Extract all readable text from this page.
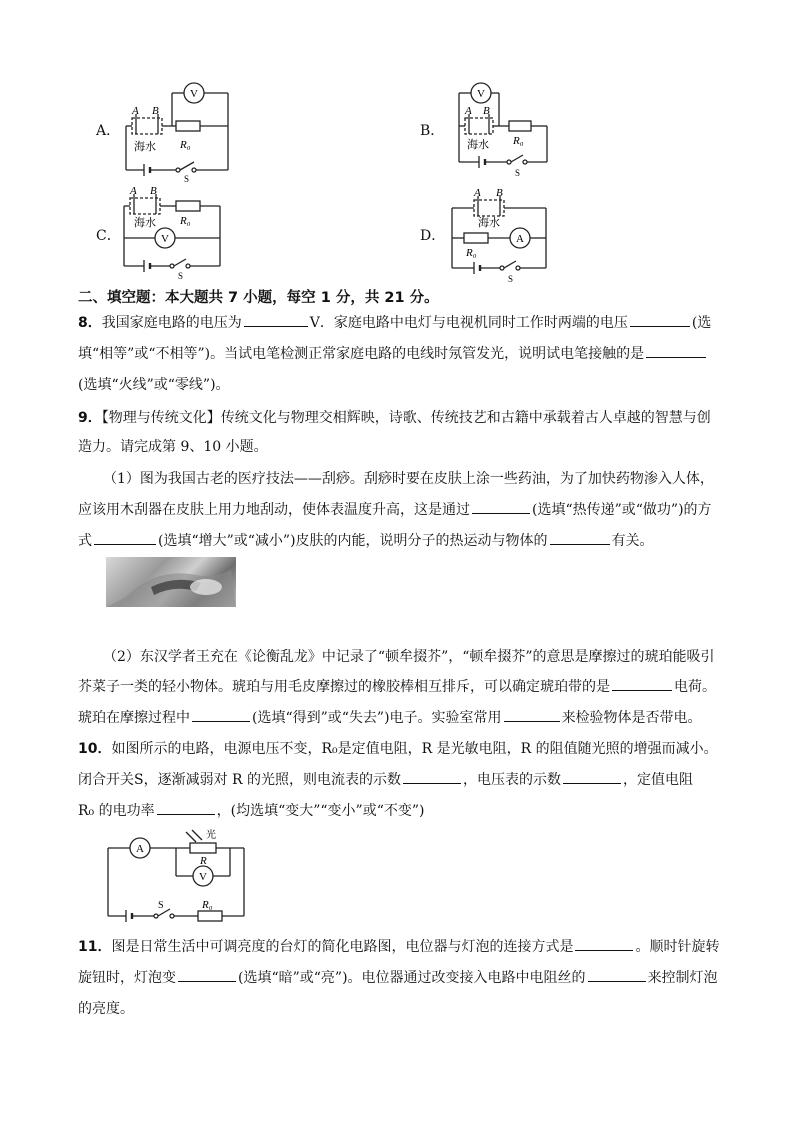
A．
V
A B
海水 R₀
S
B．
V
A B
海水 R₀
S
C．	V
A B
海水 R₀
S
D．	A
A B
海水
R₀
S
二、填空题：本大题共 7 小题，每空 1 分，共 21 分。
8．我国家庭电路的电压为	V．家庭电路中电灯与电视机同时工作时两端的电压	(选
填“相等”或“不相等”)。当试电笔检测正常家庭电路的电线时氖管发光，说明试电笔接触的是
(选填“火线”或“零线”)。
9．【物理与传统文化】传统文化与物理交相辉映，诗歌、传统技艺和古籍中承载着古人卓越的智慧与创
造力。请完成第 9、10 小题。
（1）图为我国古老的医疗技法——刮痧。刮痧时要在皮肤上涂一些药油，为了加快药物渗入人体，
应该用木刮器在皮肤上用力地刮动，使体表温度升高，这是通过	(选填“热传递”或“做功”)的方
式	(选填“增大”或“减小”)皮肤的内能，说明分子的热运动与物体的	有关。
（2）东汉学者王充在《论衡乱龙》中记录了“顿牟掇芥”，“顿牟掇芥”的意思是摩擦过的琥珀能吸引
芥菜子一类的轻小物体。琥珀与用毛皮摩擦过的橡胶棒相互排斥，可以确定琥珀带的是	电荷。
琥珀在摩擦过程中	(选填“得到”或“失去”)电子。实验室常用	来检验物体是否带电。
10．如图所示的电路，电源电压不变，R₀是定值电阻，R 是光敏电阻，R 的阻值随光照的增强而减小。
闭合开关S，逐渐减弱对 R 的光照，则电流表的示数	，电压表的示数	，定值电阻
R₀ 的电功率	，(均选填“变大”“变小”或“不变”)
A
V
光
R
S	R₀
11．图是日常生活中可调亮度的台灯的简化电路图，电位器与灯泡的连接方式是	。顺时针旋转
旋钮时，灯泡变	(选填“暗”或“亮”)。电位器通过改变接入电路中电阻丝的	来控制灯泡
的亮度。
